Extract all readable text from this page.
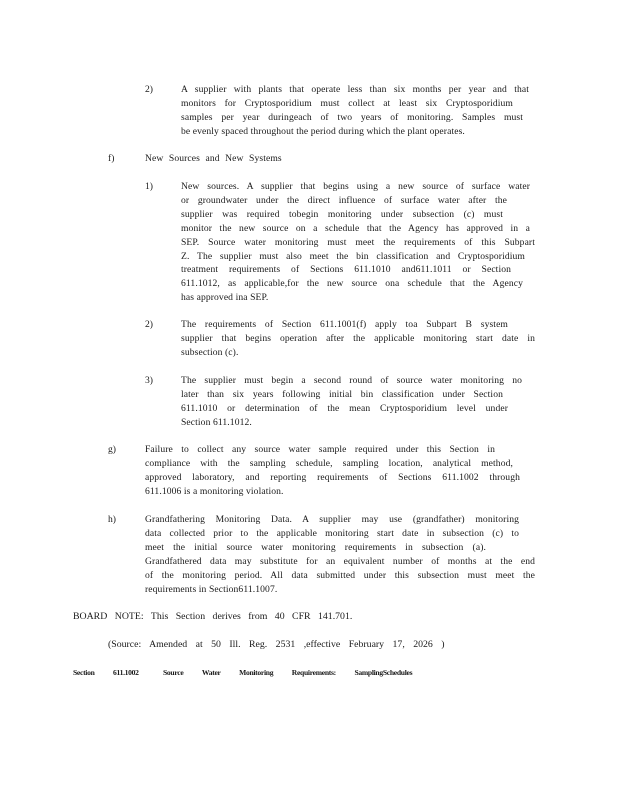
2)	A supplier with plants that operate less than six months per year and that
monitors for Cryptosporidium must collect at least six Cryptosporidium
samples per year duringeach of two years of monitoring. Samples must
be evenly spaced throughout the period during which the plant operates.
f)	New Sources and New Systems
1)	New sources. A supplier that begins using a new source of surface water
or groundwater under the direct influence of surface water after the
supplier was required tobegin monitoring under subsection (c) must
monitor the new source on a schedule that the Agency has approved in a
SEP. Source water monitoring must meet the requirements of this Subpart
Z. The supplier must also meet the bin classification and Cryptosporidium
treatment requirements of Sections 611.1010 and611.1011 or Section
611.1012, as applicable,for the new source ona schedule that the Agency
has approved ina SEP.
2)	The requirements of Section 611.1001(f) apply toa Subpart B system
supplier that begins operation after the applicable monitoring start date in
subsection (c).
3)	The supplier must begin a second round of source water monitoring no
later than six years following initial bin classification under Section
611.1010 or determination of the mean Cryptosporidium level under
Section 611.1012.
g)	Failure to collect any source water sample required under this Section in
compliance with the sampling schedule, sampling location, analytical method,
approved laboratory, and reporting requirements of Sections 611.1002 through
611.1006 is a monitoring violation.
h)	Grandfathering Monitoring Data. A supplier may use (grandfather) monitoring
data collected prior to the applicable monitoring start date in subsection (c) to
meet the initial source water monitoring requirements in subsection (a).
Grandfathered data may substitute for an equivalent number of months at the end
of the monitoring period. All data submitted under this subsection must meet the
requirements in Section611.1007.
BOARD NOTE: This Section derives from 40 CFR 141.701.
(Source: Amended at 50 Ill. Reg. 2531 ,effective February 17, 2026 )
Section	611.1002	Source Water Monitoring Requirements: SamplingSchedules
